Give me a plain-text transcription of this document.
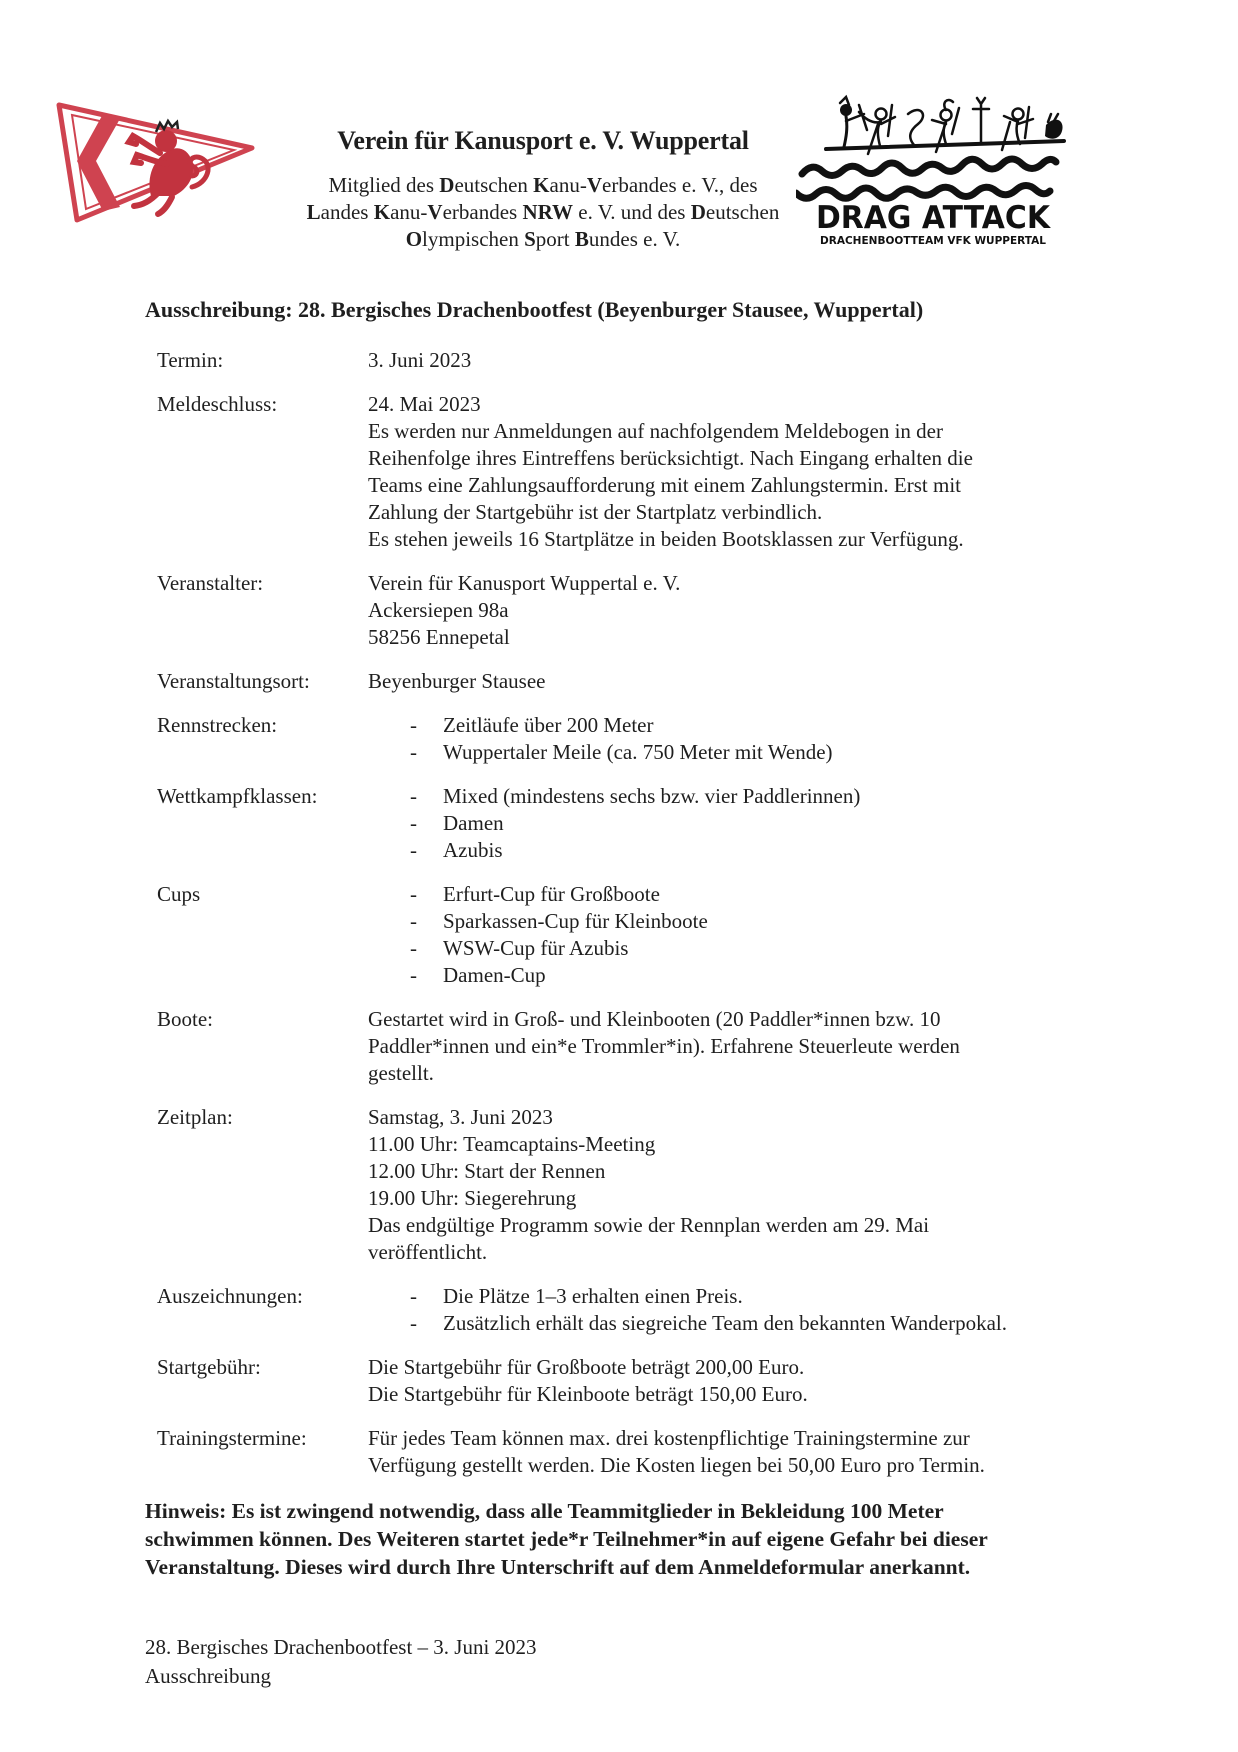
Verein für Kanusport e. V. Wuppertal
Mitglied des Deutschen Kanu-Verbandes e. V., des
Landes Kanu-Verbandes NRW e. V. und des Deutschen
Olympischen Sport Bundes e. V.
DRAG ATTACK
DRACHENBOOTTEAM VFK WUPPERTAL
Ausschreibung: 28. Bergisches Drachenbootfest (Beyenburger Stausee, Wuppertal)
Termin:	3. Juni 2023
Meldeschluss:	24. Mai 2023
Es werden nur Anmeldungen auf nachfolgendem Meldebogen in der
Reihenfolge ihres Eintreffens berücksichtigt. Nach Eingang erhalten die
Teams eine Zahlungsaufforderung mit einem Zahlungstermin. Erst mit
Zahlung der Startgebühr ist der Startplatz verbindlich.
Es stehen jeweils 16 Startplätze in beiden Bootsklassen zur Verfügung.
Veranstalter:	Verein für Kanusport Wuppertal e. V.
Ackersiepen 98a
58256 Ennepetal
Veranstaltungsort:	Beyenburger Stausee
Rennstrecken:	-	Zeitläufe über 200 Meter
-	Wuppertaler Meile (ca. 750 Meter mit Wende)
Wettkampfklassen:	-	Mixed (mindestens sechs bzw. vier Paddlerinnen)
-	Damen
-	Azubis
Cups	-	Erfurt-Cup für Großboote
-	Sparkassen-Cup für Kleinboote
-	WSW-Cup für Azubis
-	Damen-Cup
Boote:	Gestartet wird in Groß- und Kleinbooten (20 Paddler*innen bzw. 10
Paddler*innen und ein*e Trommler*in). Erfahrene Steuerleute werden
gestellt.
Zeitplan:	Samstag, 3. Juni 2023
11.00 Uhr: Teamcaptains-Meeting
12.00 Uhr: Start der Rennen
19.00 Uhr: Siegerehrung
Das endgültige Programm sowie der Rennplan werden am 29. Mai
veröffentlicht.
Auszeichnungen:	-	Die Plätze 1–3 erhalten einen Preis.
-	Zusätzlich erhält das siegreiche Team den bekannten Wanderpokal.
Startgebühr:	Die Startgebühr für Großboote beträgt 200,00 Euro.
Die Startgebühr für Kleinboote beträgt 150,00 Euro.
Trainingstermine:	Für jedes Team können max. drei kostenpflichtige Trainingstermine zur
Verfügung gestellt werden. Die Kosten liegen bei 50,00 Euro pro Termin.
Hinweis: Es ist zwingend notwendig, dass alle Teammitglieder in Bekleidung 100 Meter
schwimmen können. Des Weiteren startet jede*r Teilnehmer*in auf eigene Gefahr bei dieser
Veranstaltung. Dieses wird durch Ihre Unterschrift auf dem Anmeldeformular anerkannt.
28. Bergisches Drachenbootfest – 3. Juni 2023
Ausschreibung
